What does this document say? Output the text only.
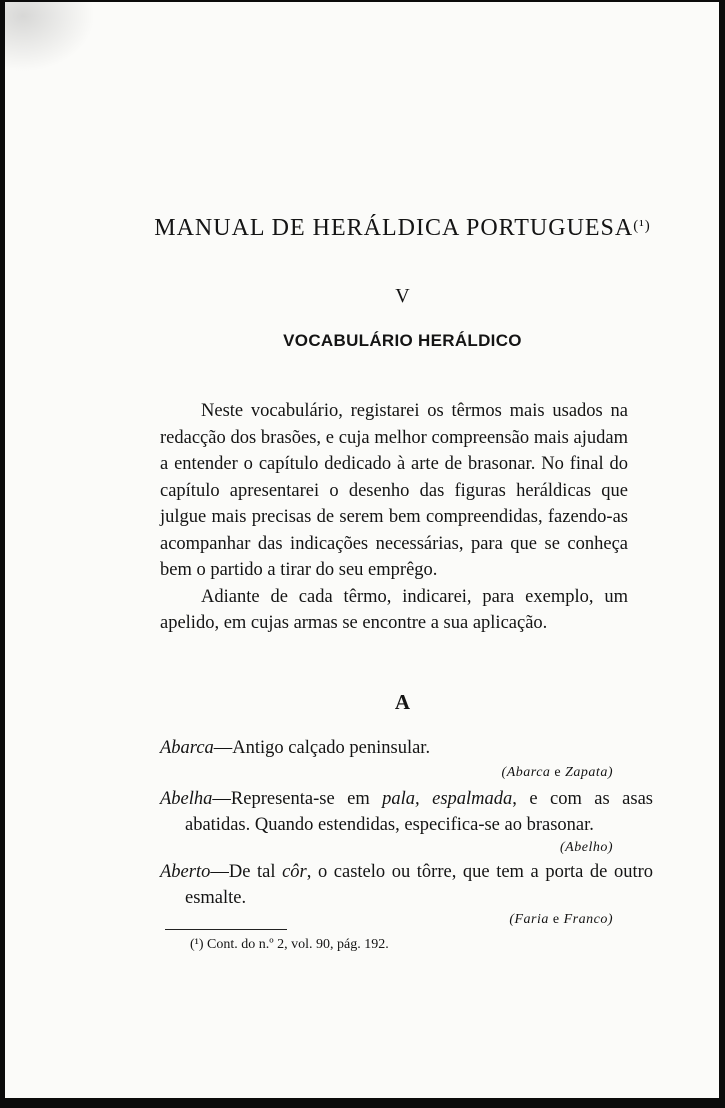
MANUAL DE HERÁLDICA $PORTUGUESA^{(^1)}$
V
VOCABULÁRIO HERÁLDICO

Neste vocabulário, registarei os têrmos mais usados na redacção dos brasões, e cuja melhor compreensão mais ajudam a entender o capítulo dedicado à arte de brasonar. No final do capítulo apresentarei o desenho das figuras heráldicas que julgue mais precisas de serem bem compreendidas, fazendo-as acompanhar das indicações necessárias, para que se conheça bem o partido a tirar do seu emprêgo.

Adiante de cada têrmo, indicarei, para exemplo, um apelido, em cujas armas se encontre a sua aplicação.

A
Abarca—Antigo calçado peninsular.
(Abarca e Zapata)
Abelha—Representa-se em pala, espalmada, e com as asas abatidas. Quando estendidas, especifica-se ao brasonar.
(Abelho)
Aberto—De tal côr, o castelo ou tôrre, que tem a porta de outro esmalte.
(Faria e Franco)
(¹) Cont. do n.º 2, vol. 90, pág. 192.
